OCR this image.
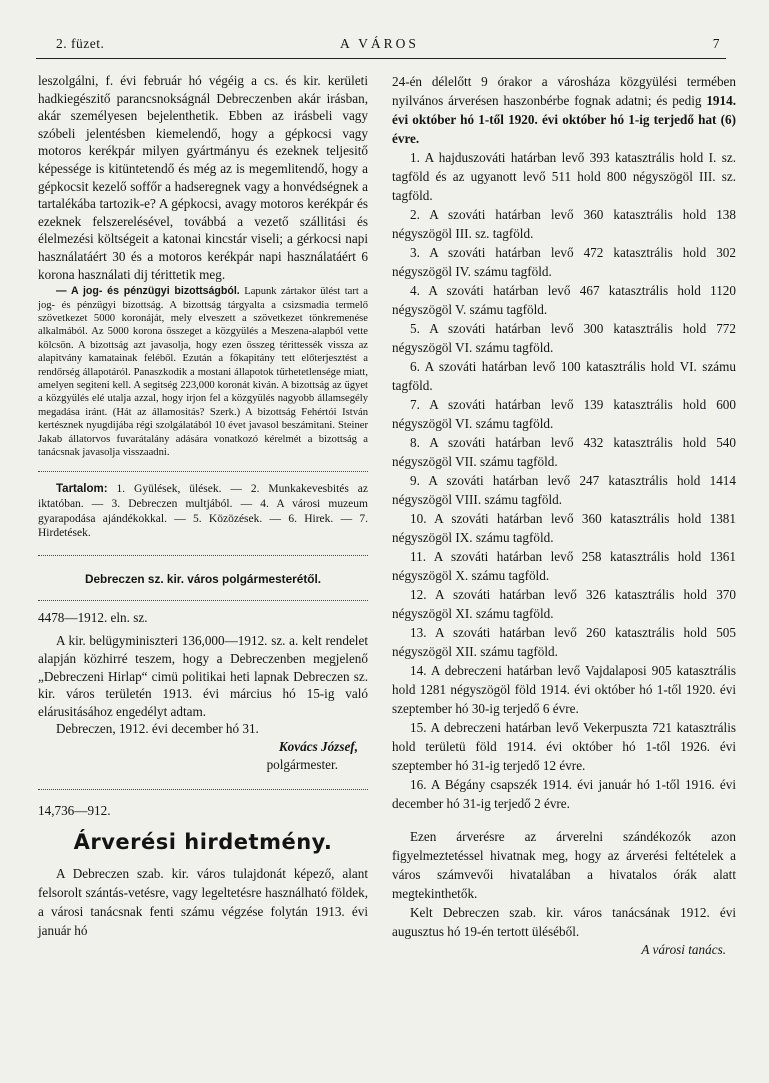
2. füzet.	A VÁROS	7

leszolgálni, f. évi február hó végéig a cs. és kir. kerületi hadkiegészitő parancsnokságnál Debreczenben akár irásban, akár személyesen bejelenthetik. Ebben az irásbeli vagy szóbeli jelentésben kiemelendő, hogy a gépkocsi vagy motoros kerékpár milyen gyártmányu és ezeknek teljesitő képessége is kitüntetendő és még az is megemlitendő, hogy a gépkocsit kezelő soffőr a hadseregnek vagy a honvédségnek a tartalékába tartozik-e? A gépkocsi, avagy motoros kerékpár és ezeknek felszerelésével, továbbá a vezető szállitási és élelmezési költségeit a katonai kincstár viseli; a gérkocsi napi használatáért 30 és a motoros kerékpár napi használatáért 6 korona használati dij térittetik meg.

— A jog- és pénzügyi bizottságból. Lapunk zártakor ülést tart a jog- és pénzügyi bizottság. A bizottság tárgyalta a csizsmadia termelő szövetkezet 5000 koronáját, mely elveszett a szövetkezet tönkremenése alkalmából. Az 5000 korona összeget a közgyülés a Meszena-alapból vette kölcsön. A bizottság azt javasolja, hogy ezen összeg térittessék vissza az alapitvány kamatainak feléből. Ezután a főkapitány tett előterjesztést a rendőrség állapotáról. Panaszkodik a mostani állapotok tűrhetetlensége miatt, amelyen segiteni kell. A segitség 223,000 koronát kiván. A bizottság az ügyet a közgyülés elé utalja azzal, hogy irjon fel a közgyülés nagyobb államsegély megadása iránt. (Hát az államositás? Szerk.) A bizottság Fehértói István kertésznek nyugdijába régi szolgálatából 10 évet javasol beszámitani. Steiner Jakab állatorvos fuvarátalány adására vonatkozó kérelmét a bizottság a tanácsnak javasolja visszaadni.

Tartalom: 1. Gyülések, ülések. — 2. Munkakevesbités az iktatóban. — 3. Debreczen multjából. — 4. A városi muzeum gyarapodása ajándékokkal. — 5. Közözések. — 6. Hirek. — 7. Hirdetések.

Debreczen sz. kir. város polgármesterétől.

4478—1912. eln. sz.

A kir. belügyminiszteri 136,000—1912. sz. a. kelt rendelet alapján közhirré teszem, hogy a Debreczenben megjelenő „Debreczeni Hirlap“ cimü politikai heti lapnak Debreczen sz. kir. város területén 1913. évi március hó 15-ig való elárusitásához engedélyt adtam.

Debreczen, 1912. évi december hó 31.

Kovács József,

polgármester.

14,736—912.

Árverési hirdetmény.

A Debreczen szab. kir. város tulajdonát képező, alant felsorolt szántás-vetésre, vagy legeltetésre használható földek, a városi tanácsnak fenti számu végzése folytán 1913. évi január hó

24-én délelőtt 9 órakor a városháza közgyülési termében nyilvános árverésen haszonbérbe fognak adatni; és pedig 1914. évi október hó 1-től 1920. évi október hó 1-ig terjedő hat (6) évre.

1. A hajduszováti határban levő 393 katasztrális hold I. sz. tagföld és az ugyanott levő 511 hold 800 négyszögöl III. sz. tagföld.

2. A szováti határban levő 360 katasztrális hold 138 négyszögöl III. sz. tagföld.

3. A szováti határban levő 472 katasztrális hold 302 négyszögöl IV. számu tagföld.

4. A szováti határban levő 467 katasztrális hold 1120 négyszögöl V. számu tagföld.

5. A szováti határban levő 300 katasztrális hold 772 négyszögöl VI. számu tagföld.

6. A szováti határban levő 100 katasztrális hold VI. számu tagföld.

7. A szováti határban levő 139 katasztrális hold 600 négyszögöl VI. számu tagföld.

8. A szováti határban levő 432 katasztrális hold 540 négyszögöl VII. számu tagföld.

9. A szováti határban levő 247 katasztrális hold 1414 négyszögöl VIII. számu tagföld.

10. A szováti határban levő 360 katasztrális hold 1381 négyszögöl IX. számu tagföld.

11. A szováti határban levő 258 katasztrális hold 1361 négyszögöl X. számu tagföld.

12. A szováti határban levő 326 katasztrális hold 370 négyszögöl XI. számu tagföld.

13. A szováti határban levő 260 katasztrális hold 505 négyszögöl XII. számu tagföld.

14. A debreczeni határban levő Vajdalaposi 905 katasztrális hold 1281 négyszögöl föld 1914. évi október hó 1-től 1920. évi szeptember hó 30-ig terjedő 6 évre.

15. A debreczeni határban levő Vekerpuszta 721 katasztrális hold területü föld 1914. évi október hó 1-től 1926. évi szeptember hó 31-ig terjedő 12 évre.

16. A Bégány csapszék 1914. évi január hó 1-től 1916. évi december hó 31-ig terjedő 2 évre.

Ezen árverésre az árverelni szándékozók azon figyelmeztetéssel hivatnak meg, hogy az árverési feltételek a város számvevői hivatalában a hivatalos órák alatt megtekinthetők.

Kelt Debreczen szab. kir. város tanácsának 1912. évi augusztus hó 19-én tertott üléséből.

A városi tanács.
